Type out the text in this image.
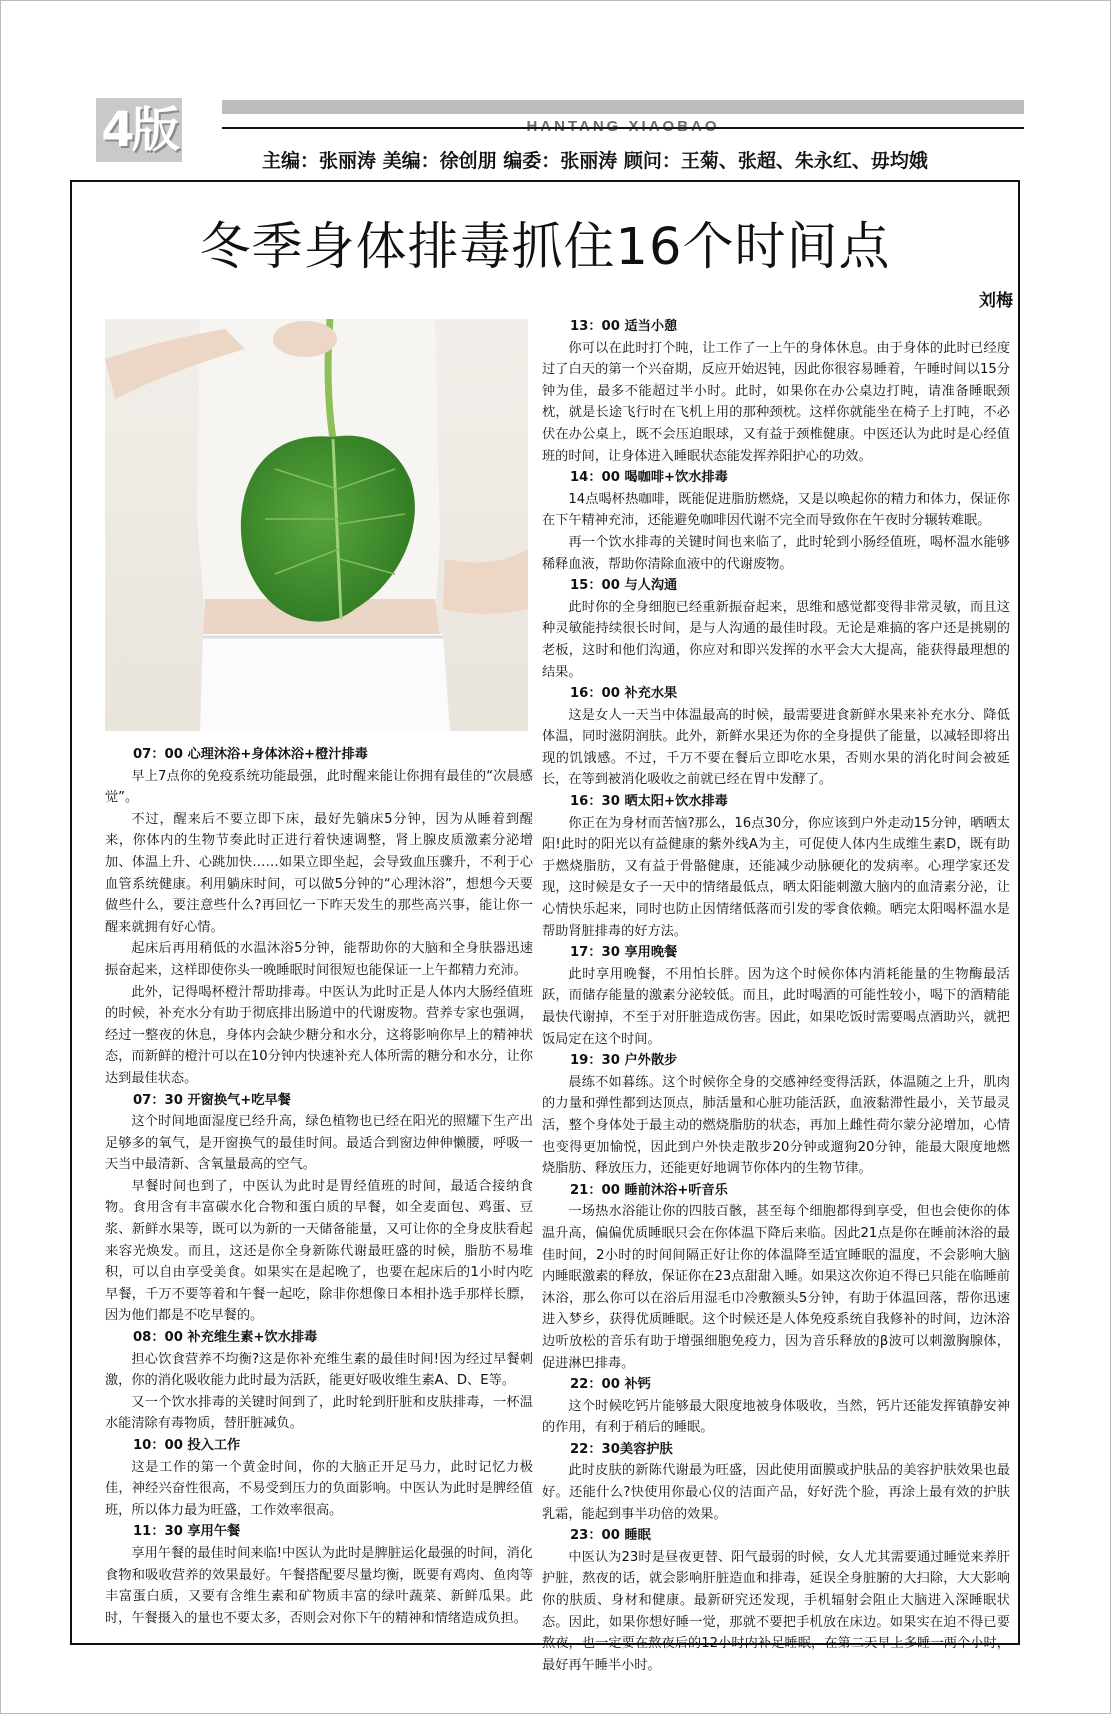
4版
主编：张丽涛 美编：徐创朋 编委：张丽涛 顾问：王菊、张超、朱永红、毋均娥
冬季身体排毒抓住16个时间点
刘梅

07：00 心理沐浴+身体沐浴+橙汁排毒

早上7点你的免疫系统功能最强，此时醒来能让你拥有最佳的“次晨感觉”。

不过，醒来后不要立即下床，最好先躺床5分钟，因为从睡着到醒来，你体内的生物节奏此时正进行着快速调整，肾上腺皮质激素分泌增加、体温上升、心跳加快……如果立即坐起，会导致血压骤升，不利于心血管系统健康。利用躺床时间，可以做5分钟的“心理沐浴”，想想今天要做些什么，要注意些什么?再回忆一下昨天发生的那些高兴事，能让你一醒来就拥有好心情。

起床后再用稍低的水温沐浴5分钟，能帮助你的大脑和全身肤器迅速振奋起来，这样即使你头一晚睡眠时间很短也能保证一上午都精力充沛。

此外，记得喝杯橙汁帮助排毒。中医认为此时正是人体内大肠经值班的时候，补充水分有助于彻底排出肠道中的代谢废物。营养专家也强调，经过一整夜的休息，身体内会缺少糖分和水分，这将影响你早上的精神状态，而新鲜的橙汁可以在10分钟内快速补充人体所需的糖分和水分，让你达到最佳状态。

07：30 开窗换气+吃早餐

这个时间地面湿度已经升高，绿色植物也已经在阳光的照耀下生产出足够多的氧气，是开窗换气的最佳时间。最适合到窗边伸伸懒腰，呼吸一天当中最清新、含氧量最高的空气。

早餐时间也到了，中医认为此时是胃经值班的时间，最适合接纳食物。食用含有丰富碳水化合物和蛋白质的早餐，如全麦面包、鸡蛋、豆浆、新鲜水果等，既可以为新的一天储备能量，又可让你的全身皮肤看起来容光焕发。而且，这还是你全身新陈代谢最旺盛的时候，脂肪不易堆积，可以自由享受美食。如果实在是起晚了，也要在起床后的1小时内吃早餐，千万不要等着和午餐一起吃，除非你想像日本相扑选手那样长膘，因为他们都是不吃早餐的。

08：00 补充维生素+饮水排毒

担心饮食营养不均衡?这是你补充维生素的最佳时间!因为经过早餐刺激，你的消化吸收能力此时最为活跃，能更好吸收维生素A、D、E等。

又一个饮水排毒的关键时间到了，此时轮到肝脏和皮肤排毒，一杯温水能清除有毒物质，替肝脏减负。

10：00 投入工作

这是工作的第一个黄金时间，你的大脑正开足马力，此时记忆力极佳，神经兴奋性很高，不易受到压力的负面影响。中医认为此时是脾经值班，所以体力最为旺盛，工作效率很高。

11：30 享用午餐

享用午餐的最佳时间来临!中医认为此时是脾脏运化最强的时间，消化食物和吸收营养的效果最好。午餐搭配要尽量均衡，既要有鸡肉、鱼肉等丰富蛋白质，又要有含维生素和矿物质丰富的绿叶蔬菜、新鲜瓜果。此时，午餐摄入的量也不要太多，否则会对你下午的精神和情绪造成负担。

13：00 适当小憩

你可以在此时打个盹，让工作了一上午的身体休息。由于身体的此时已经度过了白天的第一个兴奋期，反应开始迟钝，因此你很容易睡着，午睡时间以15分钟为佳，最多不能超过半小时。此时，如果你在办公桌边打盹，请准备睡眠颈枕，就是长途飞行时在飞机上用的那种颈枕。这样你就能坐在椅子上打盹，不必伏在办公桌上，既不会压迫眼球，又有益于颈椎健康。中医还认为此时是心经值班的时间，让身体进入睡眠状态能发挥养阳护心的功效。

14：00 喝咖啡+饮水排毒

14点喝杯热咖啡，既能促进脂肪燃烧，又是以唤起你的精力和体力，保证你在下午精神充沛，还能避免咖啡因代谢不完全而导致你在午夜时分辗转难眠。

再一个饮水排毒的关键时间也来临了，此时轮到小肠经值班，喝杯温水能够稀释血液，帮助你清除血液中的代谢废物。

15：00 与人沟通

此时你的全身细胞已经重新振奋起来，思维和感觉都变得非常灵敏，而且这种灵敏能持续很长时间，是与人沟通的最佳时段。无论是难搞的客户还是挑剔的老板，这时和他们沟通，你应对和即兴发挥的水平会大大提高，能获得最理想的结果。

16：00 补充水果

这是女人一天当中体温最高的时候，最需要进食新鲜水果来补充水分、降低体温，同时滋阴润肤。此外，新鲜水果还为你的全身提供了能量，以减轻即将出现的饥饿感。不过，千万不要在餐后立即吃水果，否则水果的消化时间会被延长，在等到被消化吸收之前就已经在胃中发酵了。

16：30 晒太阳+饮水排毒

你正在为身材而苦恼?那么，16点30分，你应该到户外走动15分钟，晒晒太阳!此时的阳光以有益健康的紫外线A为主，可促使人体内生成维生素D，既有助于燃烧脂肪，又有益于骨骼健康，还能减少动脉硬化的发病率。心理学家还发现，这时候是女子一天中的情绪最低点，晒太阳能刺激大脑内的血清素分泌，让心情快乐起来，同时也防止因情绪低落而引发的零食依赖。晒完太阳喝杯温水是帮助肾脏排毒的好方法。

17：30 享用晚餐

此时享用晚餐，不用怕长胖。因为这个时候你体内消耗能量的生物酶最活跃，而储存能量的激素分泌较低。而且，此时喝酒的可能性较小，喝下的酒精能最快代谢掉，不至于对肝脏造成伤害。因此，如果吃饭时需要喝点酒助兴，就把饭局定在这个时间。

19：30 户外散步

晨练不如暮练。这个时候你全身的交感神经变得活跃，体温随之上升，肌肉的力量和弹性都到达顶点，肺活量和心脏功能活跃，血液黏滞性最小，关节最灵活，整个身体处于最主动的燃烧脂肪的状态，再加上雌性荷尔蒙分泌增加，心情也变得更加愉悦，因此到户外快走散步20分钟或遛狗20分钟，能最大限度地燃烧脂肪、释放压力，还能更好地调节你体内的生物节律。

21：00 睡前沐浴+听音乐

一场热水浴能让你的四肢百骸，甚至每个细胞都得到享受，但也会使你的体温升高，偏偏优质睡眠只会在你体温下降后来临。因此21点是你在睡前沐浴的最佳时间，2小时的时间间隔正好让你的体温降至适宜睡眠的温度，不会影响大脑内睡眠激素的释放，保证你在23点甜甜入睡。如果这次你迫不得已只能在临睡前沐浴，那么你可以在浴后用湿毛巾冷敷额头5分钟，有助于体温回落，帮你迅速进入梦乡，获得优质睡眠。这个时候还是人体免疫系统自我修补的时间，边沐浴边听放松的音乐有助于增强细胞免疫力，因为音乐释放的β波可以刺激胸腺体，促进淋巴排毒。

22：00 补钙

这个时候吃钙片能够最大限度地被身体吸收，当然，钙片还能发挥镇静安神的作用，有利于稍后的睡眠。

22：30美容护肤

此时皮肤的新陈代谢最为旺盛，因此使用面膜或护肤品的美容护肤效果也最好。还能什么?快使用你最心仪的洁面产品，好好洗个脸，再涂上最有效的护肤乳霜，能起到事半功倍的效果。

23：00 睡眠

中医认为23时是昼夜更替、阳气最弱的时候，女人尤其需要通过睡觉来养肝护脏，熬夜的话，就会影响肝脏造血和排毒，延误全身脏腑的大扫除，大大影响你的肤质、身材和健康。最新研究还发现，手机辐射会阻止大脑进入深睡眠状态。因此，如果你想好睡一觉，那就不要把手机放在床边。如果实在迫不得已要熬夜，也一定要在熬夜后的12小时内补足睡眠，在第二天早上多睡一两个小时，最好再午睡半小时。
